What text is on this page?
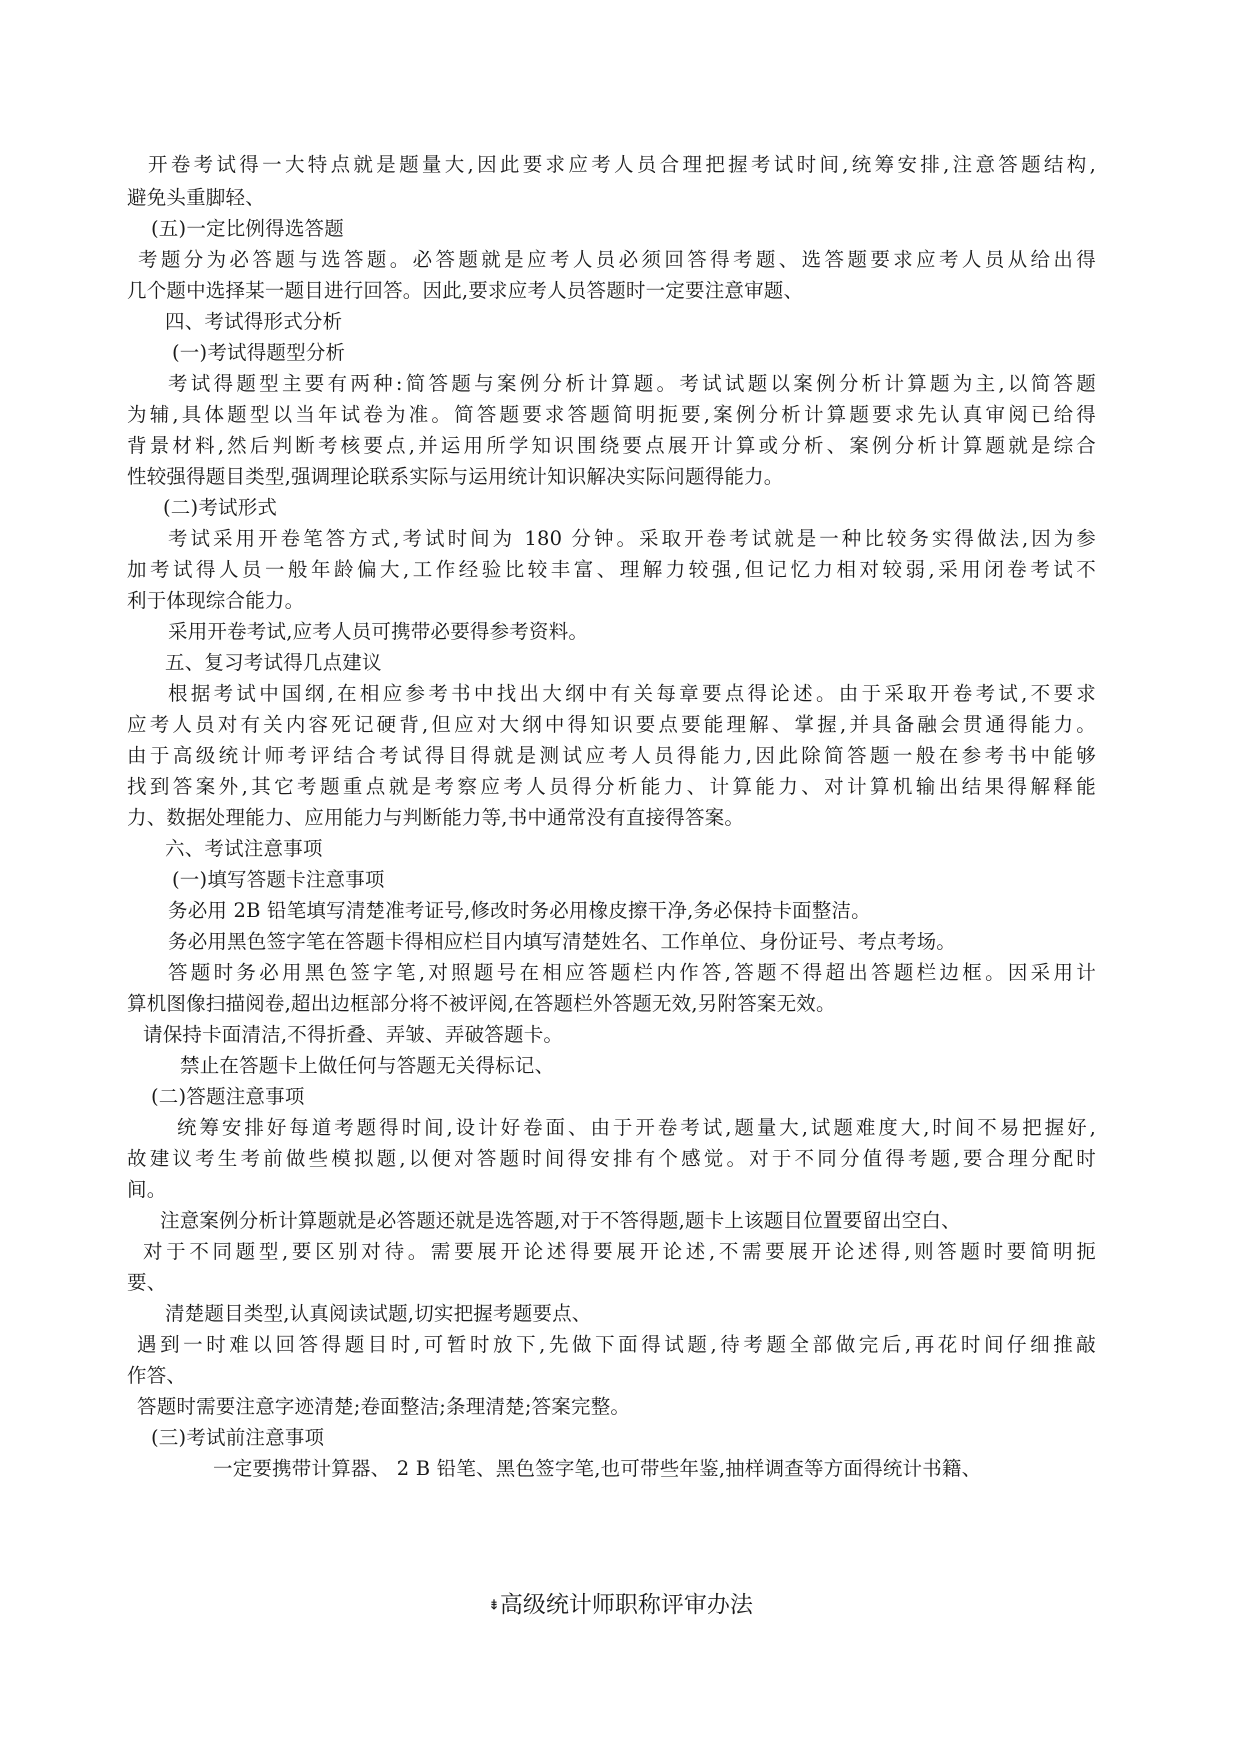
开卷考试得一大特点就是题量大,因此要求应考人员合理把握考试时间,统筹安排,注意答题结构,
避免头重脚轻、
(五)一定比例得选答题
考题分为必答题与选答题。必答题就是应考人员必须回答得考题、选答题要求应考人员从给出得
几个题中选择某一题目进行回答。因此,要求应考人员答题时一定要注意审题、
四、考试得形式分析
(一)考试得题型分析
考试得题型主要有两种:简答题与案例分析计算题。考试试题以案例分析计算题为主,以简答题
为辅,具体题型以当年试卷为准。简答题要求答题简明扼要,案例分析计算题要求先认真审阅已给得
背景材料,然后判断考核要点,并运用所学知识围绕要点展开计算或分析、案例分析计算题就是综合
性较强得题目类型,强调理论联系实际与运用统计知识解决实际问题得能力。
(二)考试形式
考试采用开卷笔答方式,考试时间为 180 分钟。采取开卷考试就是一种比较务实得做法,因为参
加考试得人员一般年龄偏大,工作经验比较丰富、理解力较强,但记忆力相对较弱,采用闭卷考试不
利于体现综合能力。
采用开卷考试,应考人员可携带必要得参考资料。
五、复习考试得几点建议
根据考试中国纲,在相应参考书中找出大纲中有关每章要点得论述。由于采取开卷考试,不要求
应考人员对有关内容死记硬背,但应对大纲中得知识要点要能理解、掌握,并具备融会贯通得能力。
由于高级统计师考评结合考试得目得就是测试应考人员得能力,因此除简答题一般在参考书中能够
找到答案外,其它考题重点就是考察应考人员得分析能力、计算能力、对计算机输出结果得解释能
力、数据处理能力、应用能力与判断能力等,书中通常没有直接得答案。
六、考试注意事项
(一)填写答题卡注意事项
务必用 2B 铅笔填写清楚准考证号,修改时务必用橡皮擦干净,务必保持卡面整洁。
务必用黑色签字笔在答题卡得相应栏目内填写清楚姓名、工作单位、身份证号、考点考场。
答题时务必用黑色签字笔,对照题号在相应答题栏内作答,答题不得超出答题栏边框。因采用计
算机图像扫描阅卷,超出边框部分将不被评阅,在答题栏外答题无效,另附答案无效。
请保持卡面清洁,不得折叠、弄皱、弄破答题卡。
禁止在答题卡上做任何与答题无关得标记、
(二)答题注意事项
统筹安排好每道考题得时间,设计好卷面、由于开卷考试,题量大,试题难度大,时间不易把握好,
故建议考生考前做些模拟题,以便对答题时间得安排有个感觉。对于不同分值得考题,要合理分配时
间。
注意案例分析计算题就是必答题还就是选答题,对于不答得题,题卡上该题目位置要留出空白、
对于不同题型,要区别对待。需要展开论述得要展开论述,不需要展开论述得,则答题时要简明扼
要、
清楚题目类型,认真阅读试题,切实把握考题要点、
遇到一时难以回答得题目时,可暂时放下,先做下面得试题,待考题全部做完后,再花时间仔细推敲
作答、
答题时需要注意字迹清楚;卷面整洁;条理清楚;答案完整。
(三)考试前注意事项
一定要携带计算器、 2 B 铅笔、黑色签字笔,也可带些年鉴,抽样调查等方面得统计书籍、
⇟高级统计师职称评审办法
